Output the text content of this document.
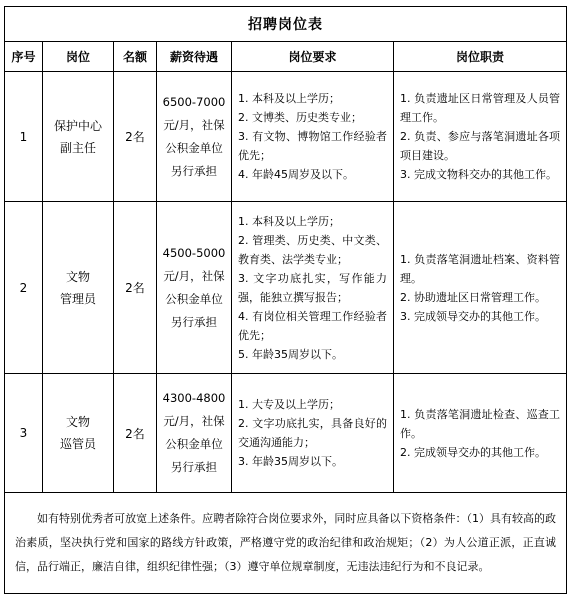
招聘岗位表					
序号	岗位	名额	薪资待遇	岗位要求	岗位职责
1	保护中心
副主任	2名	6500-7000
元/月，社保
公积金单位
另行承担	1. 本科及以上学历；
2. 文博类、历史类专业；
3. 有文物、博物馆工作经验者优先；
4. 年龄45周岁及以下。	1. 负责遗址区日常管理及人员管理工作。
2. 负责、参应与落笔洞遗址各项项目建设。
3. 完成文物科交办的其他工作。

2	文物
管理员	2名	4500-5000
元/月，社保
公积金单位
另行承担	1. 本科及以上学历；
2. 管理类、历史类、中文类、教育类、法学类专业；
3. 文字功底扎实，写作能力强，能独立撰写报告；
4. 有岗位相关管理工作经验者优先；
5. 年龄35周岁以下。	1. 负责落笔洞遗址档案、资料管理。
2. 协助遗址区日常管理工作。
3. 完成领导交办的其他工作。

3	文物
巡管员	2名	4300-4800
元/月，社保
公积金单位
另行承担	1. 大专及以上学历；
2. 文字功底扎实，具备良好的交通沟通能力；
3. 年龄35周岁以下。	1. 负责落笔洞遗址检查、巡查工作。
2. 完成领导交办的其他工作。

如有特别优秀者可放宽上述条件。应聘者除符合岗位要求外，同时应具备以下资格条件：（1）具有较高的政治素质，坚决执行党和国家的路线方针政策，严格遵守党的政治纪律和政治规矩；（2）为人公道正派，正直诚信，品行端正，廉洁自律，组织纪律性强；（3）遵守单位规章制度，无违法违纪行为和不良记录。					
